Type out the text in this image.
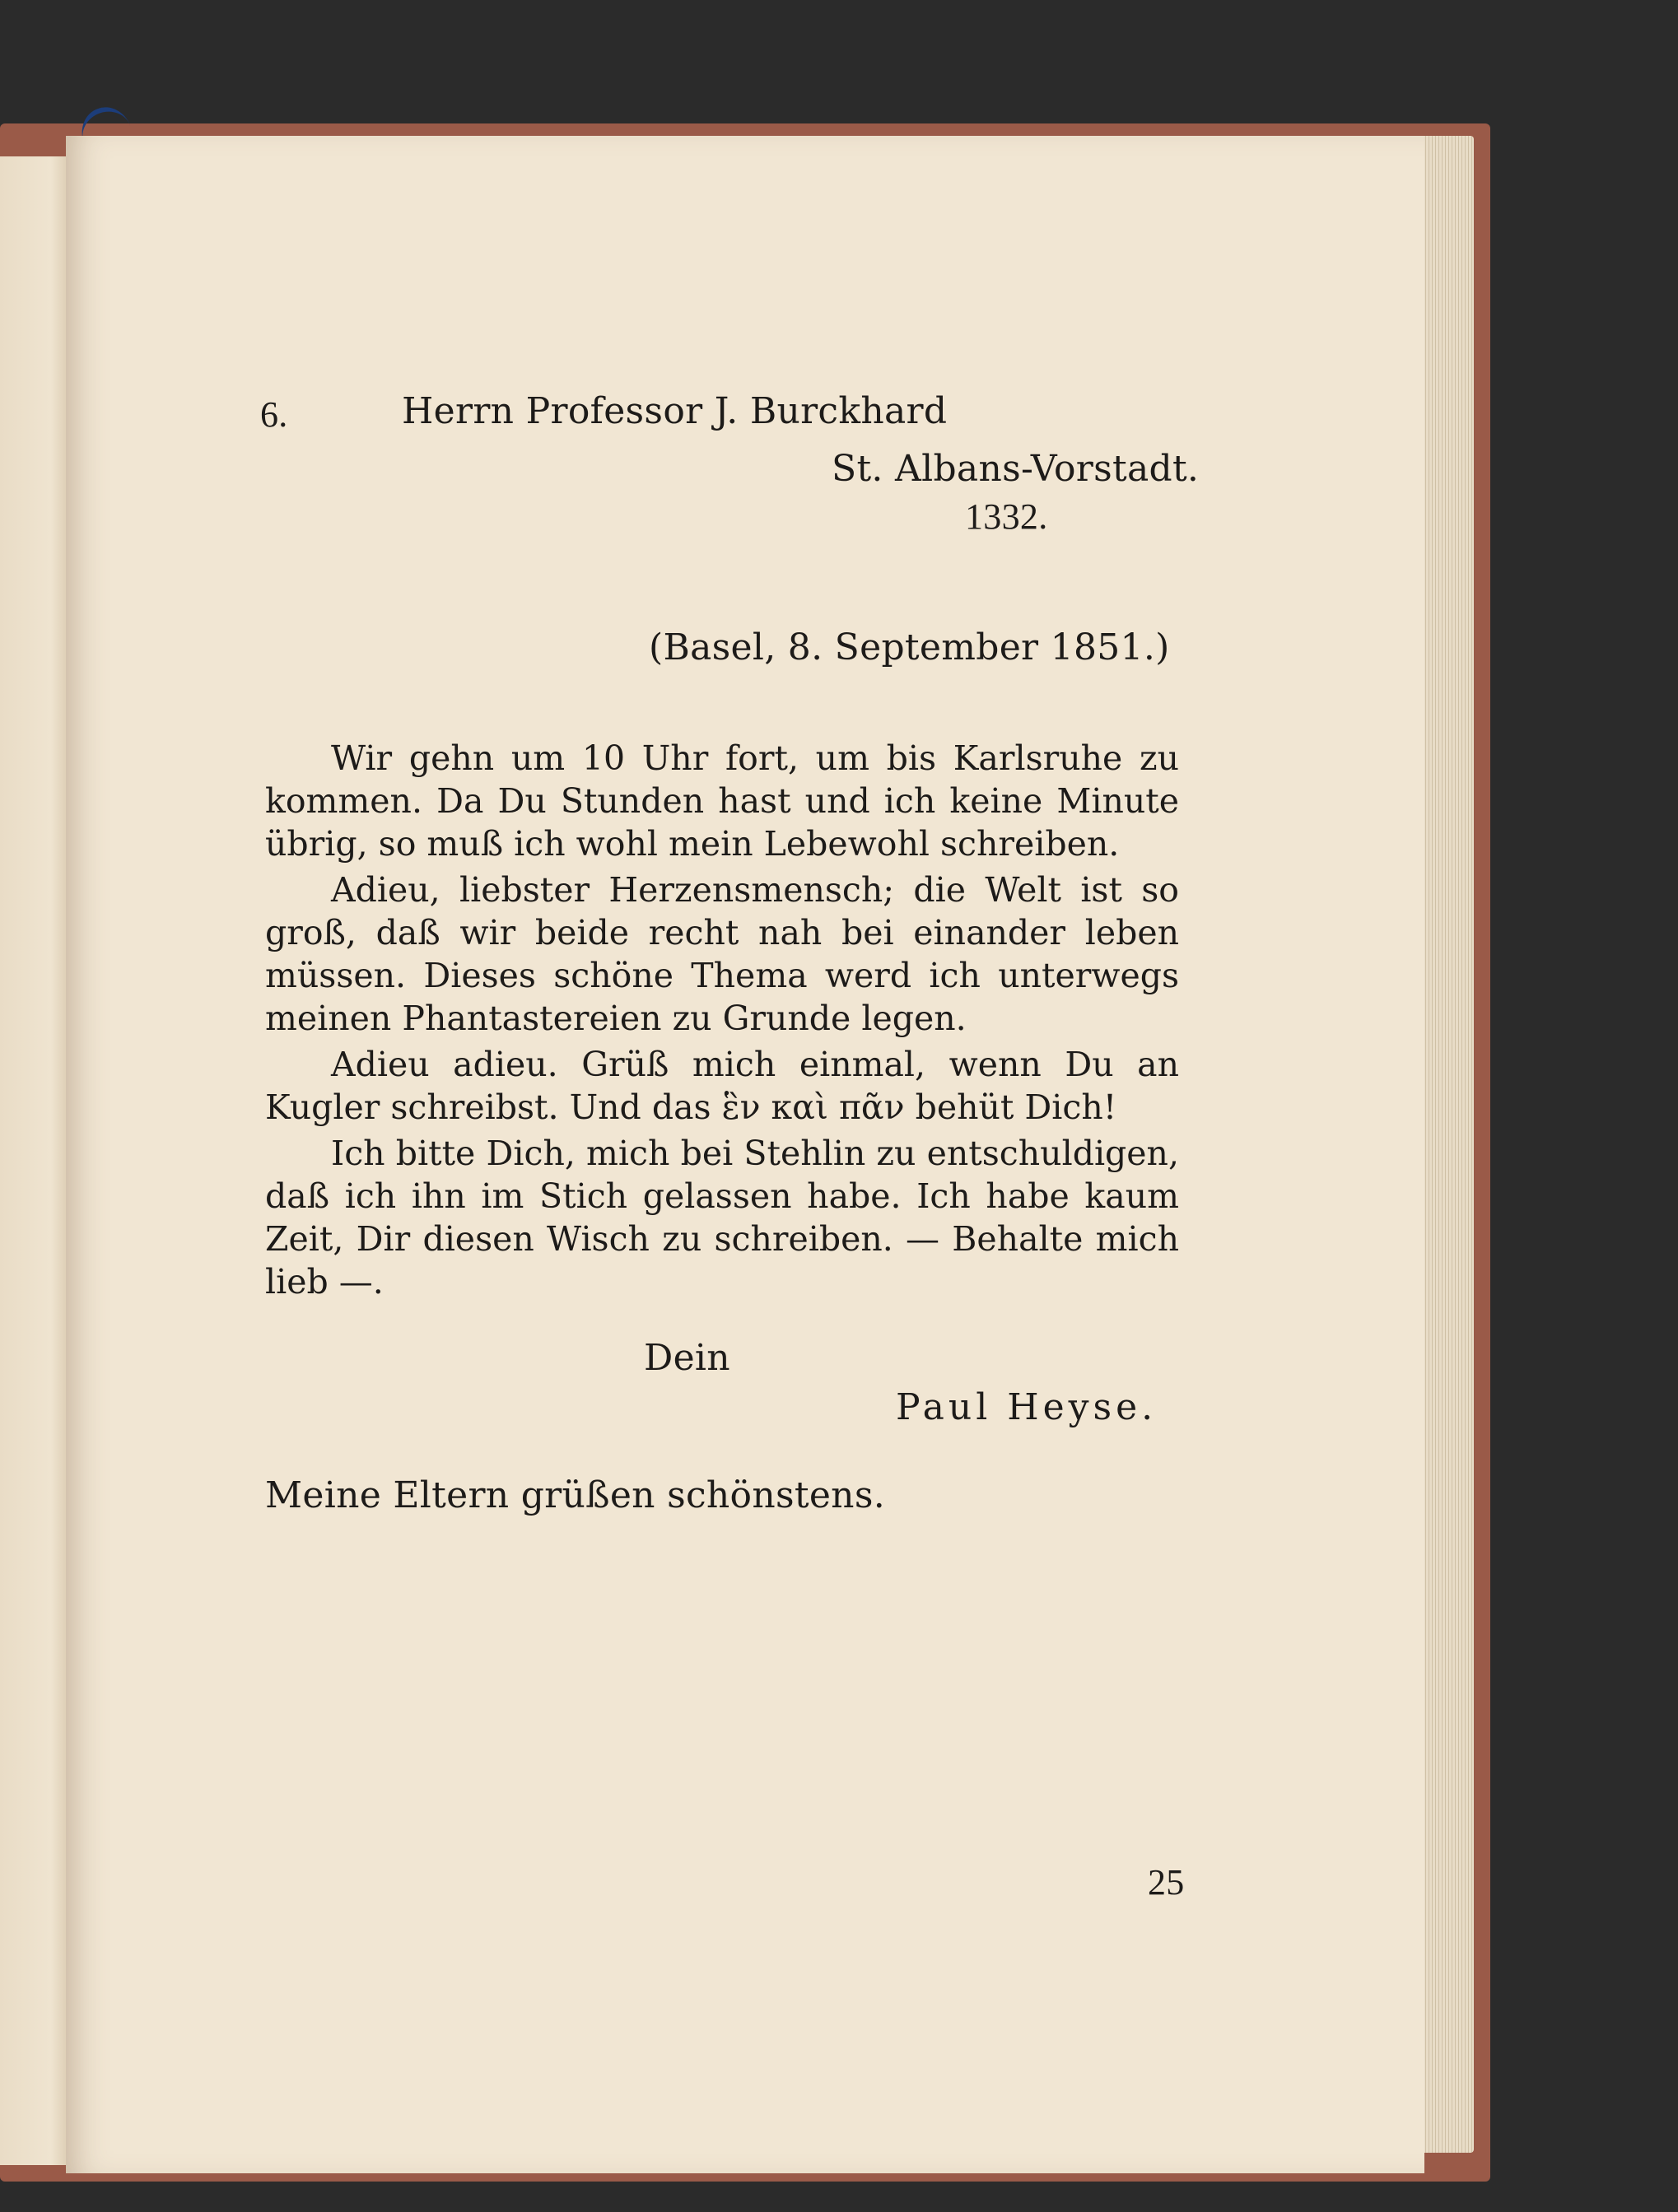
6.	Herrn Professor J. Burckhard
St. Albans-Vorstadt.
1332.
(Basel, 8. September 1851.)

Wir gehn um 10 Uhr fort, um bis Karlsruhe zu kommen. Da Du Stunden hast und ich keine Minute übrig, so muß ich wohl mein Lebewohl schreiben.

Adieu, liebster Herzensmensch; die Welt ist so groß, daß wir beide recht nah bei einander leben müssen. Dieses schöne Thema werd ich unterwegs meinen Phantastereien zu Grunde legen.

Adieu adieu. Grüß mich einmal, wenn Du an Kugler schreibst. Und das ἓν καὶ πᾶν behüt Dich!

Ich bitte Dich, mich bei Stehlin zu entschuldigen, daß ich ihn im Stich gelassen habe. Ich habe kaum Zeit, Dir diesen Wisch zu schreiben. — Behalte mich lieb —.

Dein
Paul Heyse.
Meine Eltern grüßen schönstens.
25
